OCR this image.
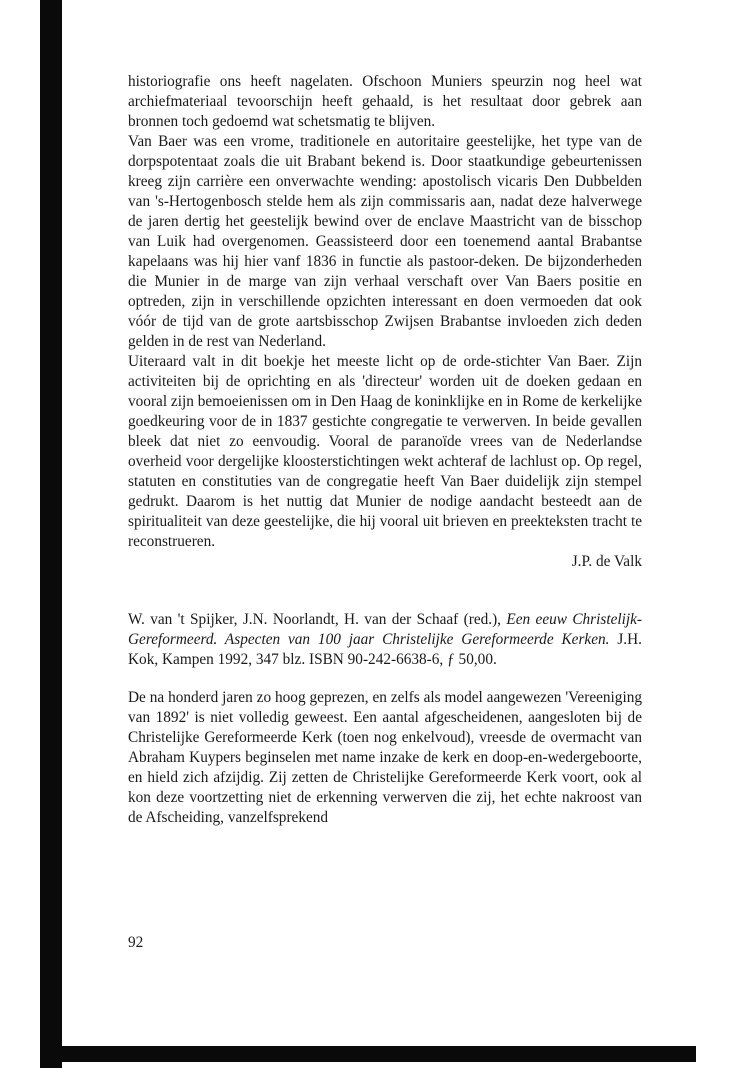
historiografie ons heeft nagelaten. Ofschoon Muniers speurzin nog heel wat archiefmateriaal tevoorschijn heeft gehaald, is het resultaat door gebrek aan bronnen toch gedoemd wat schetsmatig te blijven.

Van Baer was een vrome, traditionele en autoritaire geestelijke, het type van de dorpspotentaat zoals die uit Brabant bekend is. Door staatkundige gebeurtenissen kreeg zijn carrière een onverwachte wending: apostolisch vicaris Den Dubbelden van 's-Hertogenbosch stelde hem als zijn commissaris aan, nadat deze halverwege de jaren dertig het geestelijk bewind over de enclave Maastricht van de bisschop van Luik had overgenomen. Geassisteerd door een toenemend aantal Brabantse kapelaans was hij hier vanf 1836 in functie als pastoor-deken. De bijzonderheden die Munier in de marge van zijn verhaal verschaft over Van Baers positie en optreden, zijn in verschillende opzichten interessant en doen vermoeden dat ook vóór de tijd van de grote aartsbisschop Zwijsen Brabantse invloeden zich deden gelden in de rest van Nederland.

Uiteraard valt in dit boekje het meeste licht op de orde-stichter Van Baer. Zijn activiteiten bij de oprichting en als 'directeur' worden uit de doeken gedaan en vooral zijn bemoeienissen om in Den Haag de koninklijke en in Rome de kerkelijke goedkeuring voor de in 1837 gestichte congregatie te verwerven. In beide gevallen bleek dat niet zo eenvoudig. Vooral de paranoïde vrees van de Nederlandse overheid voor dergelijke kloosterstichtingen wekt achteraf de lachlust op. Op regel, statuten en constituties van de congregatie heeft Van Baer duidelijk zijn stempel gedrukt. Daarom is het nuttig dat Munier de nodige aandacht besteedt aan de spiritualiteit van deze geestelijke, die hij vooral uit brieven en preekteksten tracht te reconstrueren.

J.P. de Valk

W. van 't Spijker, J.N. Noorlandt, H. van der Schaaf (red.), Een eeuw Christelijk-Gereformeerd. Aspecten van 100 jaar Christelijke Gereformeerde Kerken. J.H. Kok, Kampen 1992, 347 blz. ISBN 90-242-6638-6, ƒ 50,00.

De na honderd jaren zo hoog geprezen, en zelfs als model aangewezen 'Vereeniging van 1892' is niet volledig geweest. Een aantal afgescheidenen, aangesloten bij de Christelijke Gereformeerde Kerk (toen nog enkelvoud), vreesde de overmacht van Abraham Kuypers beginselen met name inzake de kerk en doop-en-wedergeboorte, en hield zich afzijdig. Zij zetten de Christelijke Gereformeerde Kerk voort, ook al kon deze voortzetting niet de erkenning verwerven die zij, het echte nakroost van de Afscheiding, vanzelfsprekend

92
